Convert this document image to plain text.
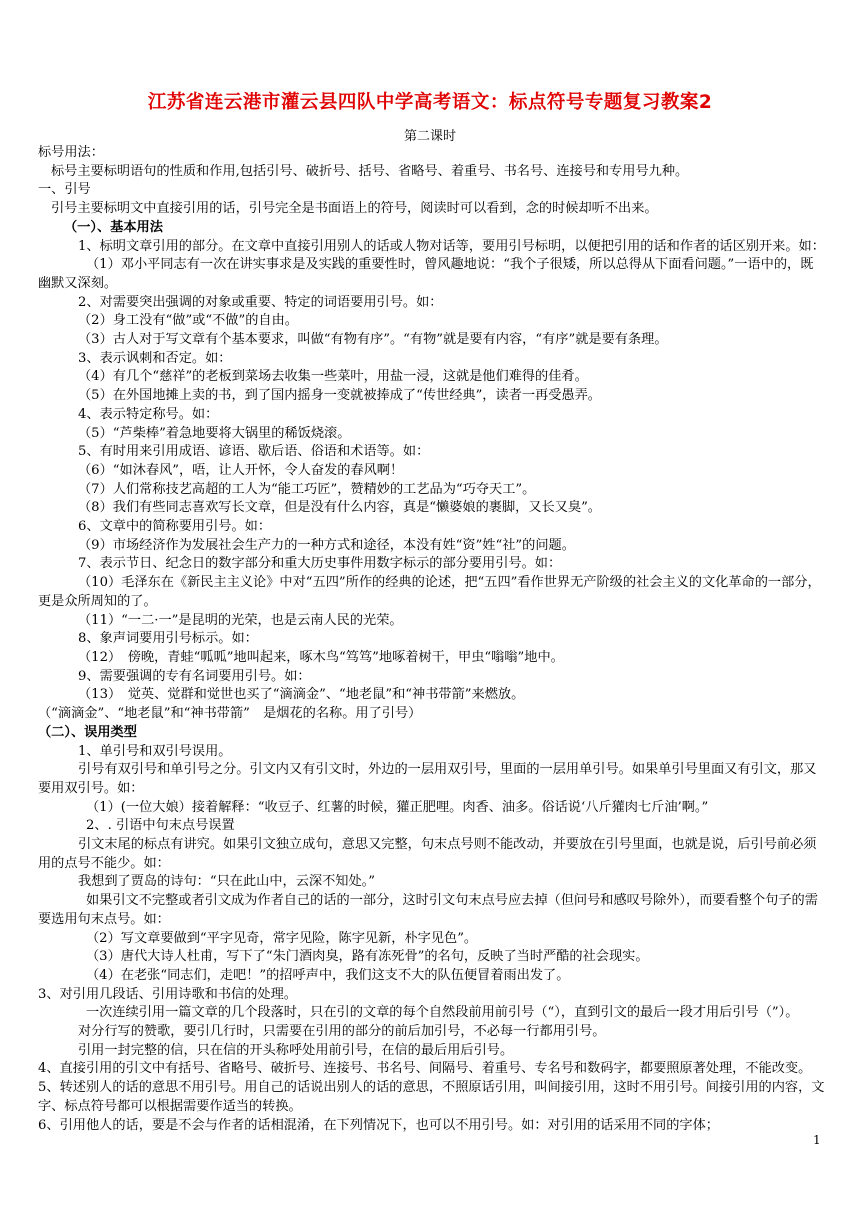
江苏省连云港市灌云县四队中学高考语文：标点符号专题复习教案2
第二课时

标号用法：

标号主要标明语句的性质和作用,包括引号、破折号、括号、省略号、着重号、书名号、连接号和专用号九种。

一、引号

引号主要标明文中直接引用的话，引号完全是书面语上的符号，阅读时可以看到，念的时候却听不出来。

（一）、基本用法

1、标明文章引用的部分。在文章中直接引用别人的话或人物对话等，要用引号标明，以便把引用的话和作者的话区别开来。如：

（1）邓小平同志有一次在讲实事求是及实践的重要性时，曾风趣地说：“我个子很矮，所以总得从下面看问题。”一语中的，既幽默又深刻。

2、对需要突出强调的对象或重要、特定的词语要用引号。如：

（2）身工没有“做”或“不做”的自由。

（3）古人对于写文章有个基本要求，叫做“有物有序”。“有物”就是要有内容，“有序”就是要有条理。

3、表示讽刺和否定。如：

（4）有几个“慈祥”的老板到菜场去收集一些菜叶，用盐一浸，这就是他们难得的佳肴。

（5）在外国地摊上卖的书，到了国内摇身一变就被捧成了“传世经典”，读者一再受愚弄。

4、表示特定称号。如：

（5）“芦柴棒”着急地要将大锅里的稀饭烧滚。

5、有时用来引用成语、谚语、歇后语、俗语和术语等。如：

（6）“如沐春风”，唔，让人开怀，令人奋发的春风啊！

（7）人们常称技艺高超的工人为“能工巧匠”，赞精妙的工艺品为“巧夺天工”。

（8）我们有些同志喜欢写长文章，但是没有什么内容，真是“懒婆娘的裹脚，又长又臭”。

6、文章中的简称要用引号。如：

（9）市场经济作为发展社会生产力的一种方式和途径，本没有姓“资”姓“社”的问题。

7、表示节日、纪念日的数字部分和重大历史事件用数字标示的部分要用引号。如：

（10）毛泽东在《新民主主义论》中对“五四”所作的经典的论述，把“五四”看作世界无产阶级的社会主义的文化革命的一部分，更是众所周知的了。

（11）“一二·一”是昆明的光荣，也是云南人民的光荣。

8、象声词要用引号标示。如：

（12）　傍晚，青蛙“呱呱”地叫起来，啄木鸟“笃笃”地啄着树干，甲虫“嗡嗡”地中。

9、需要强调的专有名词要用引号。如：

（13）　觉英、觉群和觉世也买了“滴滴金”、“地老鼠”和“神书带箭”来燃放。

（“滴滴金”、“地老鼠”和“神书带箭”　是烟花的名称。用了引号）

（二）、误用类型

1、单引号和双引号误用。

引号有双引号和单引号之分。引文内又有引文时，外边的一层用双引号，里面的一层用单引号。如果单引号里面又有引文，那又要用双引号。如：

（1）(一位大娘）接着解释：“收豆子、红薯的时候，獾正肥哩。肉香、油多。俗话说‘八斤獾肉七斤油’啊。”

2、. 引语中句末点号误置

引文末尾的标点有讲究。如果引文独立成句，意思又完整，句末点号则不能改动，并要放在引号里面，也就是说，后引号前必须用的点号不能少。如：

我想到了贾岛的诗句：“只在此山中，云深不知处。”

如果引文不完整或者引文成为作者自己的话的一部分，这时引文句末点号应去掉（但问号和感叹号除外），而要看整个句子的需要选用句末点号。如：

（2）写文章要做到“平字见奇，常字见险，陈字见新，朴字见色”。

（3）唐代大诗人杜甫，写下了“朱门酒肉臭，路有冻死骨”的名句，反映了当时严酷的社会现实。

（4）在老张“同志们，走吧！”的招呼声中，我们这支不大的队伍便冒着雨出发了。

3、对引用几段话、引用诗歌和书信的处理。

一次连续引用一篇文章的几个段落时，只在引的文章的每个自然段前用前引号（“），直到引文的最后一段才用后引号（”）。

对分行写的赞歌，要引几行时，只需要在引用的部分的前后加引号，不必每一行都用引号。

引用一封完整的信，只在信的开头称呼处用前引号，在信的最后用后引号。

4、直接引用的引文中有括号、省略号、破折号、连接号、书名号、间隔号、着重号、专名号和数码字，都要照原著处理，不能改变。

5、转述别人的话的意思不用引号。用自己的话说出别人的话的意思，不照原话引用，叫间接引用，这时不用引号。间接引用的内容，文字、标点符号都可以根据需要作适当的转换。

6、引用他人的话，要是不会与作者的话相混淆，在下列情况下，也可以不用引号。如：对引用的话采用不同的字体；

1
